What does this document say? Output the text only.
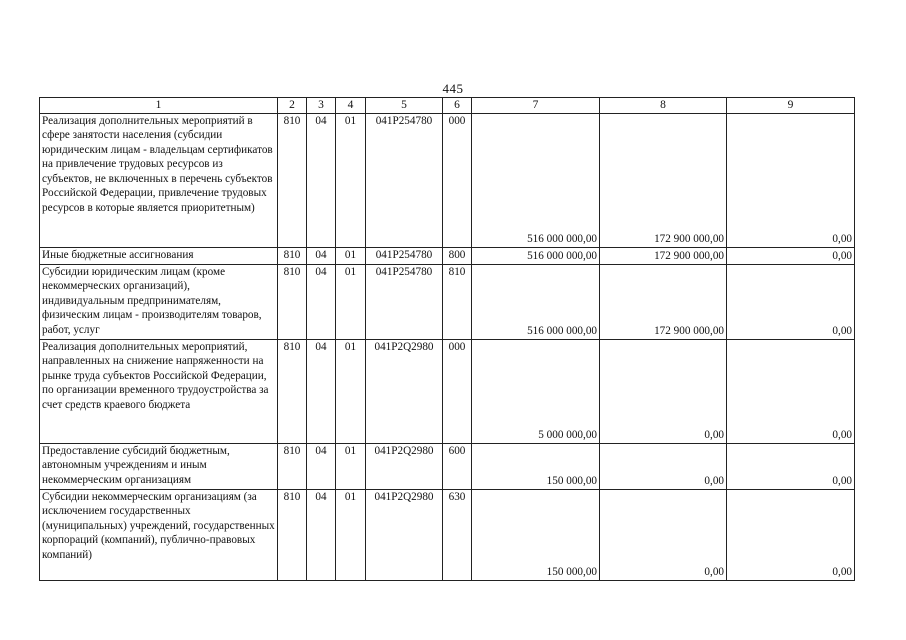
445
1	2	3	4	5	6	7	8	9
Реализация дополнительных мероприятий в сфере занятости населения (субсидии юридическим лицам - владельцам сертификатов на привлечение трудовых ресурсов из субъектов, не включенных в перечень субъектов Российской Федерации, привлечение трудовых ресурсов в которые является приоритетным)	810	04	01	041P254780	000	516 000 000,00	172 900 000,00	0,00
Иные бюджетные ассигнования	810	04	01	041P254780	800	516 000 000,00	172 900 000,00	0,00
Субсидии юридическим лицам (кроме некоммерческих организаций), индивидуальным предпринимателям, физическим лицам - производителям товаров, работ, услуг	810	04	01	041P254780	810	516 000 000,00	172 900 000,00	0,00
Реализация дополнительных мероприятий, направленных на снижение напряженности на рынке труда субъектов Российской Федерации, по организации временного трудоустройства за счет средств краевого бюджета	810	04	01	041P2Q2980	000	5 000 000,00	0,00	0,00
Предоставление субсидий бюджетным, автономным учреждениям и иным некоммерческим организациям	810	04	01	041P2Q2980	600	150 000,00	0,00	0,00
Субсидии некоммерческим организациям (за исключением государственных (муниципальных) учреждений, государственных корпораций (компаний), публично-правовых компаний)	810	04	01	041P2Q2980	630	150 000,00	0,00	0,00
